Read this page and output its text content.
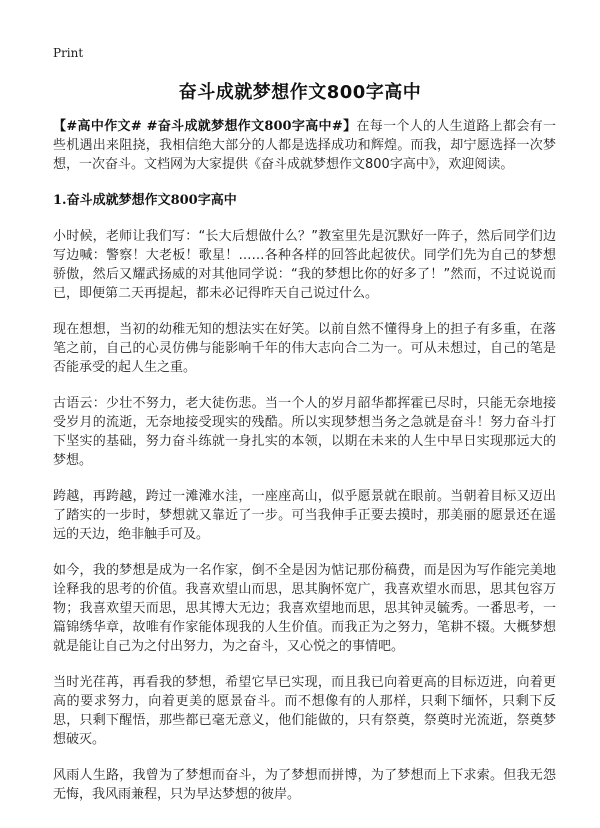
Print
奋斗成就梦想作文800字高中

【#高中作文# #奋斗成就梦想作文800字高中#】在每一个人的人生道路上都会有一些机遇出来阻挠，我相信绝大部分的人都是选择成功和辉煌。而我，却宁愿选择一次梦想，一次奋斗。文档网为大家提供《奋斗成就梦想作文800字高中》，欢迎阅读。

1.奋斗成就梦想作文800字高中

小时候，老师让我们写：“长大后想做什么？”教室里先是沉默好一阵子，然后同学们边写边喊：警察！大老板！歌星！……各种各样的回答此起彼伏。同学们先为自己的梦想骄傲，然后又耀武扬威的对其他同学说：“我的梦想比你的好多了！”然而，不过说说而已，即便第二天再提起，都未必记得昨天自己说过什么。

现在想想，当初的幼稚无知的想法实在好笑。以前自然不懂得身上的担子有多重，在落笔之前，自己的心灵仿佛与能影响千年的伟大志向合二为一。可从未想过，自己的笔是否能承受的起人生之重。

古语云：少壮不努力，老大徒伤悲。当一个人的岁月韶华都挥霍已尽时，只能无奈地接受岁月的流逝，无奈地接受现实的残酷。所以实现梦想当务之急就是奋斗！努力奋斗打下坚实的基础，努力奋斗练就一身扎实的本领，以期在未来的人生中早日实现那远大的梦想。

跨越，再跨越，跨过一滩滩水洼，一座座高山，似乎愿景就在眼前。当朝着目标又迈出了踏实的一步时，梦想就又靠近了一步。可当我伸手正要去摸时，那美丽的愿景还在遥远的天边，绝非触手可及。

如今，我的梦想是成为一名作家，倒不全是因为惦记那份稿费，而是因为写作能完美地诠释我的思考的价值。我喜欢望山而思，思其胸怀宽广，我喜欢望水而思，思其包容万物；我喜欢望天而思，思其博大无边；我喜欢望地而思，思其钟灵毓秀。一番思考，一篇锦绣华章，故唯有作家能体现我的人生价值。而我正为之努力，笔耕不辍。大概梦想就是能让自己为之付出努力，为之奋斗，又心悦之的事情吧。

当时光荏苒，再看我的梦想，希望它早已实现，而且我已向着更高的目标迈进，向着更高的要求努力，向着更美的愿景奋斗。而不想像有的人那样，只剩下缅怀，只剩下反思，只剩下醒悟，那些都已毫无意义，他们能做的，只有祭奠，祭奠时光流逝，祭奠梦想破灭。

风雨人生路，我曾为了梦想而奋斗，为了梦想而拼博，为了梦想而上下求索。但我无怨无悔，我风雨兼程，只为早达梦想的彼岸。
